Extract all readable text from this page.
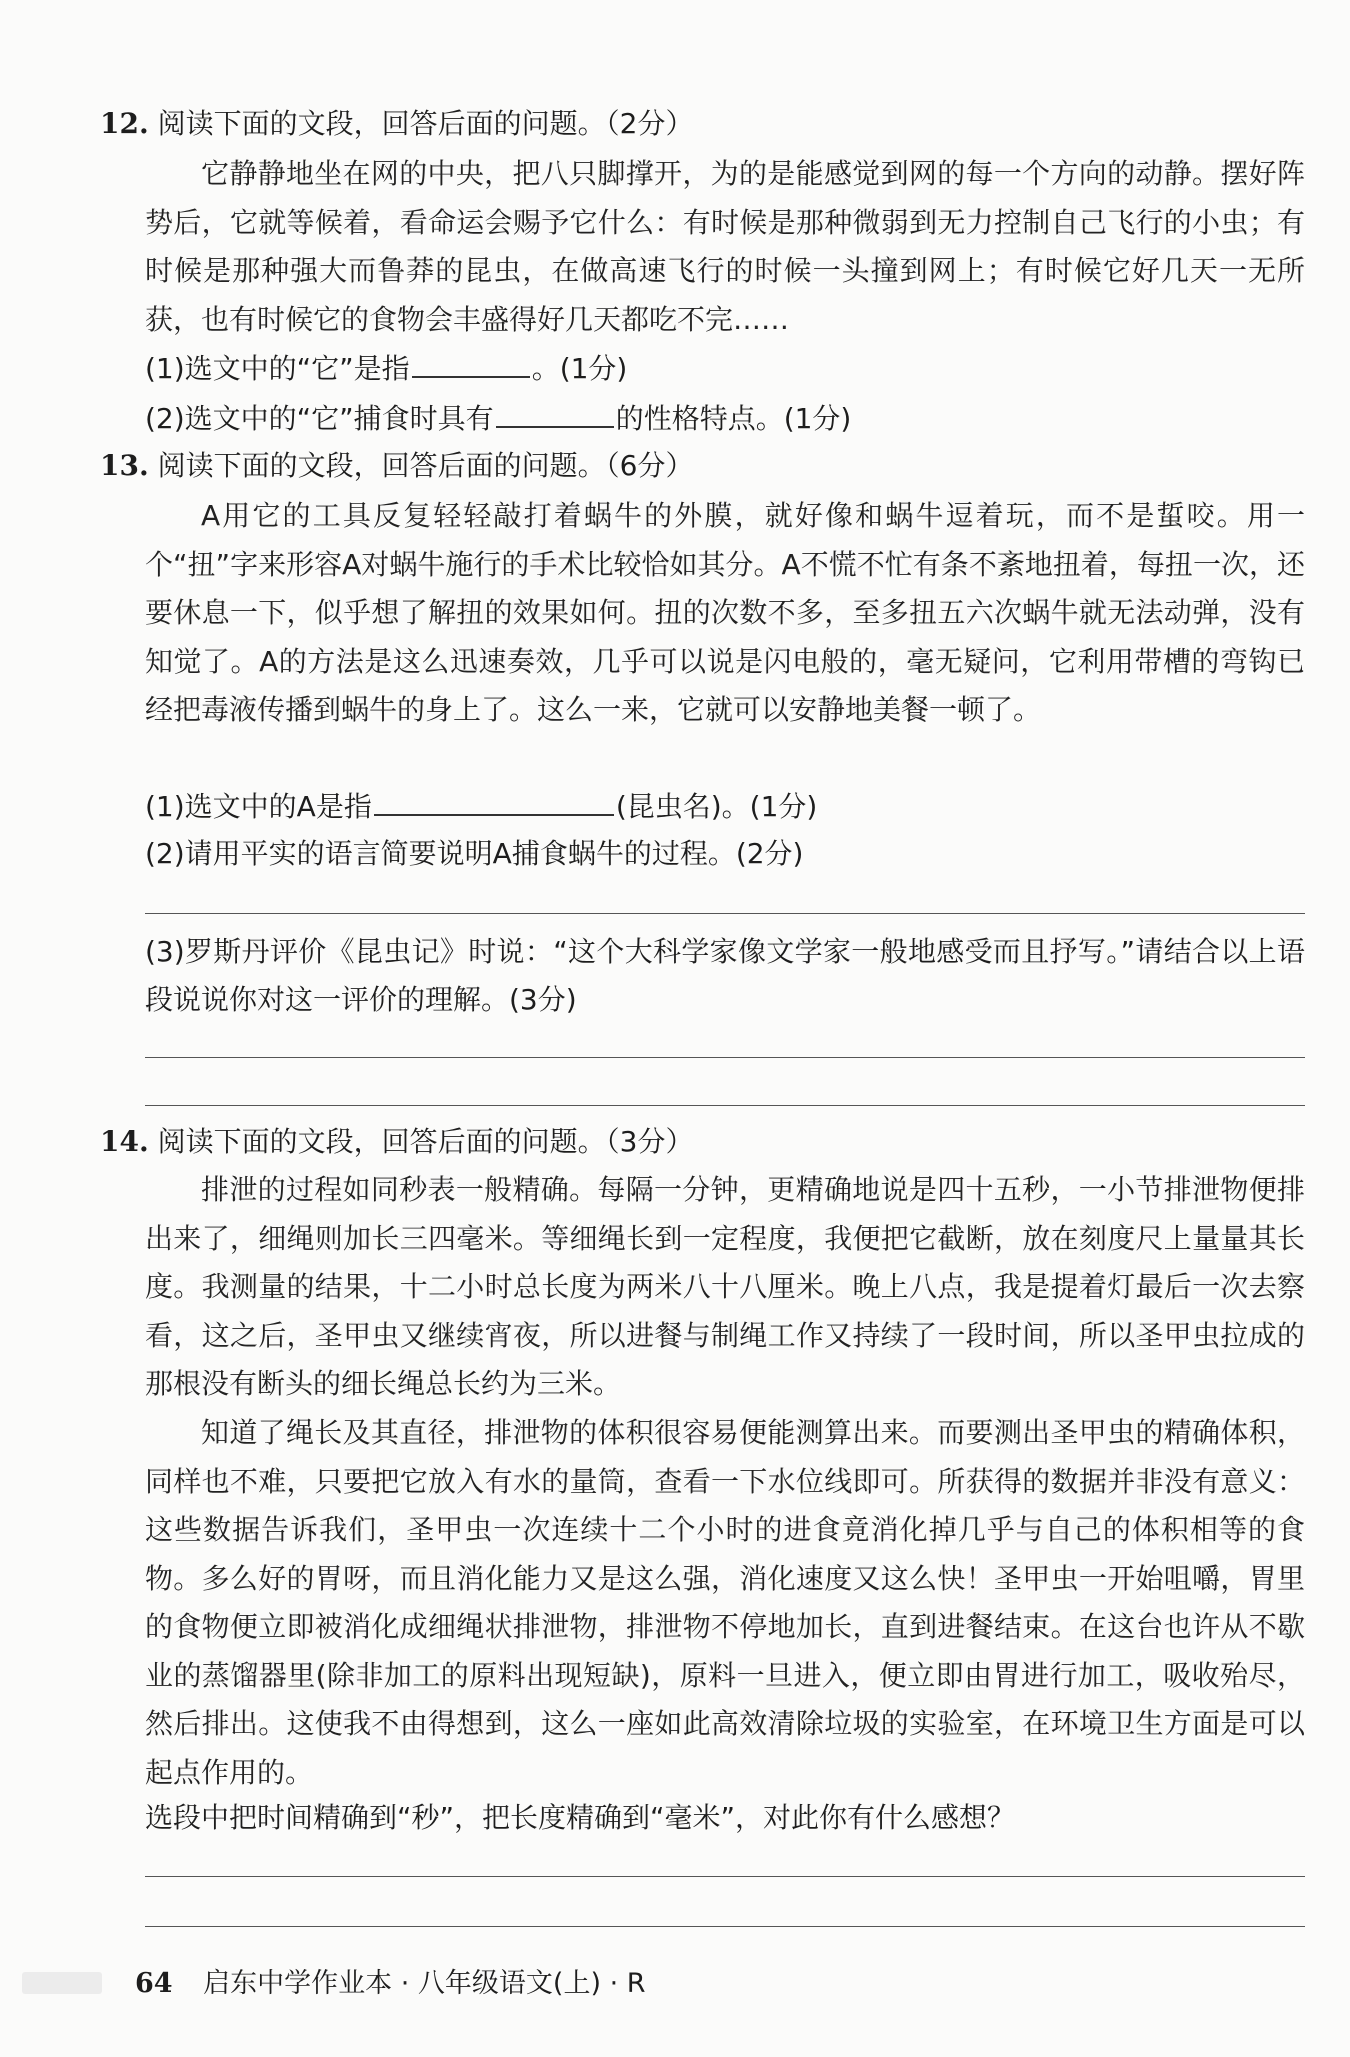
12. 阅读下面的文段，回答后面的问题。（2分）
它静静地坐在网的中央，把八只脚撑开，为的是能感觉到网的每一个方向的动静。摆好阵势后，它就等候着，看命运会赐予它什么：有时候是那种微弱到无力控制自己飞行的小虫；有时候是那种强大而鲁莽的昆虫，在做高速飞行的时候一头撞到网上；有时候它好几天一无所获，也有时候它的食物会丰盛得好几天都吃不完……
(1)选文中的“它”是指	。(1分)
(2)选文中的“它”捕食时具有	的性格特点。(1分)
13. 阅读下面的文段，回答后面的问题。（6分）
A用它的工具反复轻轻敲打着蜗牛的外膜，就好像和蜗牛逗着玩，而不是蜇咬。用一个“扭”字来形容A对蜗牛施行的手术比较恰如其分。A不慌不忙有条不紊地扭着，每扭一次，还要休息一下，似乎想了解扭的效果如何。扭的次数不多，至多扭五六次蜗牛就无法动弹，没有知觉了。A的方法是这么迅速奏效，几乎可以说是闪电般的，毫无疑问，它利用带槽的弯钩已经把毒液传播到蜗牛的身上了。这么一来，它就可以安静地美餐一顿了。
(1)选文中的A是指	(昆虫名)。(1分)
(2)请用平实的语言简要说明A捕食蜗牛的过程。(2分)
(3)罗斯丹评价《昆虫记》时说：“这个大科学家像文学家一般地感受而且抒写。”请结合以上语段说说你对这一评价的理解。(3分)
14. 阅读下面的文段，回答后面的问题。（3分）
排泄的过程如同秒表一般精确。每隔一分钟，更精确地说是四十五秒，一小节排泄物便排出来了，细绳则加长三四毫米。等细绳长到一定程度，我便把它截断，放在刻度尺上量量其长度。我测量的结果，十二小时总长度为两米八十八厘米。晚上八点，我是提着灯最后一次去察看，这之后，圣甲虫又继续宵夜，所以进餐与制绳工作又持续了一段时间，所以圣甲虫拉成的那根没有断头的细长绳总长约为三米。
知道了绳长及其直径，排泄物的体积很容易便能测算出来。而要测出圣甲虫的精确体积，同样也不难，只要把它放入有水的量筒，查看一下水位线即可。所获得的数据并非没有意义：这些数据告诉我们，圣甲虫一次连续十二个小时的进食竟消化掉几乎与自己的体积相等的食物。多么好的胃呀，而且消化能力又是这么强，消化速度又这么快！圣甲虫一开始咀嚼，胃里的食物便立即被消化成细绳状排泄物，排泄物不停地加长，直到进餐结束。在这台也许从不歇业的蒸馏器里(除非加工的原料出现短缺)，原料一旦进入，便立即由胃进行加工，吸收殆尽，然后排出。这使我不由得想到，这么一座如此高效清除垃圾的实验室，在环境卫生方面是可以起点作用的。
选段中把时间精确到“秒”，把长度精确到“毫米”，对此你有什么感想？
64 启东中学作业本 · 八年级语文(上) · R
